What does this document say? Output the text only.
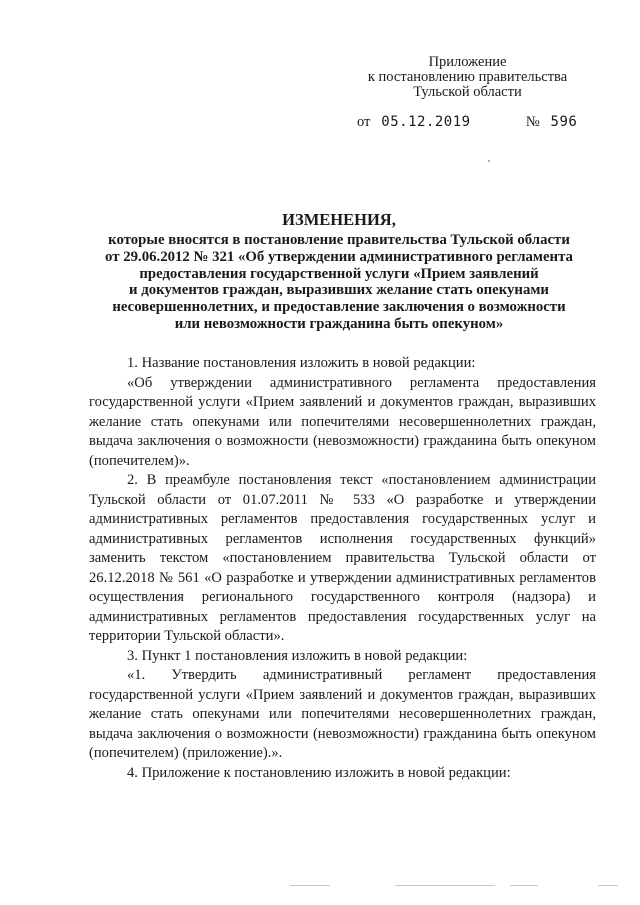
Приложение
к постановлению правительства
Тульской области
от 05.12.2019	№ 596
ИЗМЕНЕНИЯ,
которые вносятся в постановление правительства Тульской области
от 29.06.2012 № 321 «Об утверждении административного регламента
предоставления государственной услуги «Прием заявлений
и документов граждан, выразивших желание стать опекунами
несовершеннолетних, и предоставление заключения о возможности
или невозможности гражданина быть опекуном»

1. Название постановления изложить в новой редакции:

«Об утверждении административного регламента предоставления государственной услуги «Прием заявлений и документов граждан, выразивших желание стать опекунами или попечителями несовершеннолетних граждан, выдача заключения о возможности (невозможности) гражданина быть опекуном (попечителем)».

2. В преамбуле постановления текст «постановлением администрации Тульской области от 01.07.2011 № 533 «О разработке и утверждении административных регламентов предоставления государственных услуг и административных регламентов исполнения государственных функций» заменить текстом «постановлением правительства Тульской области от 26.12.2018 № 561 «О разработке и утверждении административных регламентов осуществления регионального государственного контроля (надзора) и административных регламентов предоставления государственных услуг на территории Тульской области».

3. Пункт 1 постановления изложить в новой редакции:

«1. Утвердить административный регламент предоставления государственной услуги «Прием заявлений и документов граждан, выразивших желание стать опекунами или попечителями несовершеннолетних граждан, выдача заключения о возможности (невозможности) гражданина быть опекуном (попечителем) (приложение).».

4. Приложение к постановлению изложить в новой редакции:
